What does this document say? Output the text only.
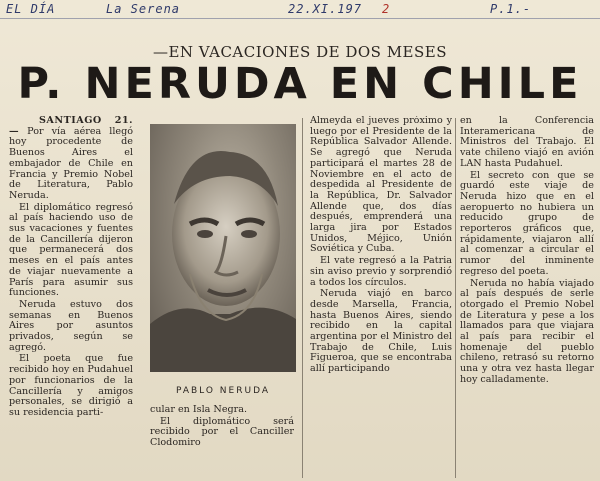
EL DÍA	La Serena	22.XI.197 2	P.1.-
—EN VACACIONES DE DOS MESES
P. NERUDA EN CHILE

SANTIAGO 21.— Por vía aérea llegó hoy procedente de Buenos Aires el embajador de Chile en Francia y Premio Nobel de Literatura, Pablo Neruda.

El diplomático regresó al país haciendo uso de sus vacaciones y fuentes de la Cancillería dijeron que permanecerá dos meses en el país antes de viajar nuevamente a París para asumir sus funciones.

Neruda estuvo dos semanas en Buenos Aires por asuntos privados, según se agregó.

El poeta que fue recibido hoy en Pudahuel por funcionarios de la Cancillería y amigos personales, se dirigió a su residencia parti-

PABLO NERUDA

cular en Isla Negra.

El diplomático será recibido por el Canciller Clodomiro

Almeyda el jueves próximo y luego por el Presidente de la República Salvador Allende. Se agregó que Neruda participará el martes 28 de Noviembre en el acto de despedida al Presidente de la República, Dr. Salvador Allende que, dos días después, emprenderá una larga jira por Estados Unidos, Méjico, Unión Soviética y Cuba.

El vate regresó a la Patria sin aviso previo y sorprendió a todos los círculos.

Neruda viajó en barco desde Marsella, Francia, hasta Buenos Aires, siendo recibido en la capital argentina por el Ministro del Trabajo de Chile, Luis Figueroa, que se encontraba allí participando

en la Conferencia Interamericana de Ministros del Trabajo. El vate chileno viajó en avión LAN hasta Pudahuel.

El secreto con que se guardó este viaje de Neruda hizo que en el aeropuerto no hubiera un reducido grupo de reporteros gráficos que, rápidamente, viajaron allí al comenzar a circular el rumor del inminente regreso del poeta.

Neruda no había viajado al país después de serle otorgado el Premio Nobel de Literatura y pese a los llamados para que viajara al país para recibir el homenaje del pueblo chileno, retrasó su retorno una y otra vez hasta llegar hoy calladamente.
